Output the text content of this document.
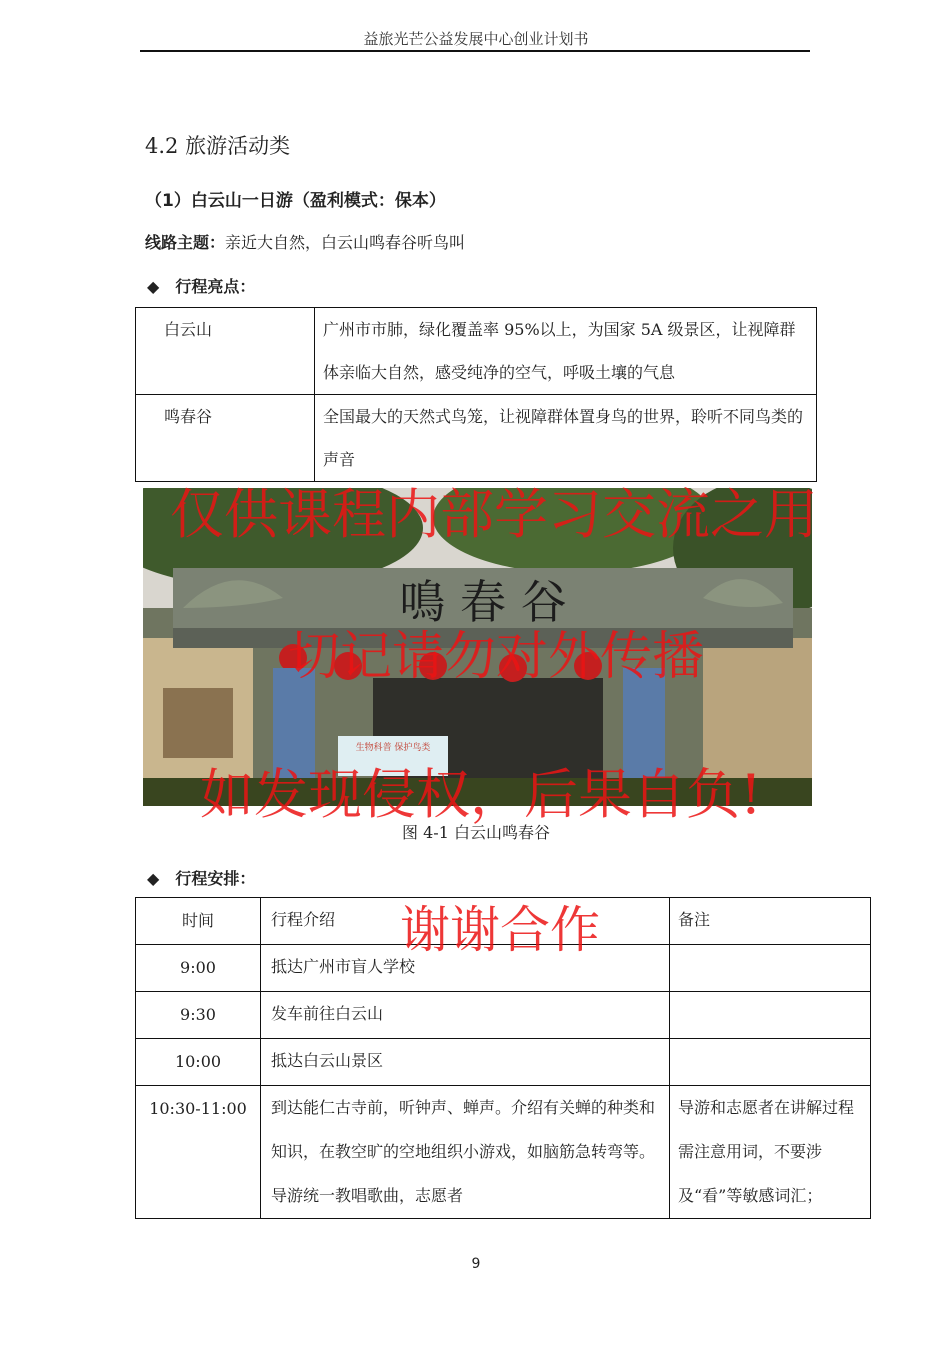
益旅光芒公益发展中心创业计划书
4.2 旅游活动类
（1）白云山一日游（盈利模式：保本）
线路主题：亲近大自然，白云山鸣春谷听鸟叫
◆ 行程亮点：
白云山	广州市市肺，绿化覆盖率 95%以上，为国家 5A 级景区，让视障群体亲临大自然，感受纯净的空气，呼吸土壤的气息
鸣春谷	全国最大的天然式鸟笼，让视障群体置身鸟的世界，聆听不同鸟类的声音
鳴 春 谷
生物科普 保护鸟类
图 4-1 白云山鸣春谷
◆ 行程安排：
时间	行程介绍	备注
9:00	抵达广州市盲人学校	
9:30	发车前往白云山	
10:00	抵达白云山景区	
10:30-11:00	到达能仁古寺前，听钟声、蝉声。介绍有关蝉的种类和知识，在教空旷的空地组织小游戏，如脑筋急转弯等。导游统一教唱歌曲，志愿者	导游和志愿者在讲解过程需注意用词，不要涉及“看”等敏感词汇；
9
仅供课程内部学习交流之用
切记请勿对外传播
如发现侵权，后果自负!
谢谢合作
